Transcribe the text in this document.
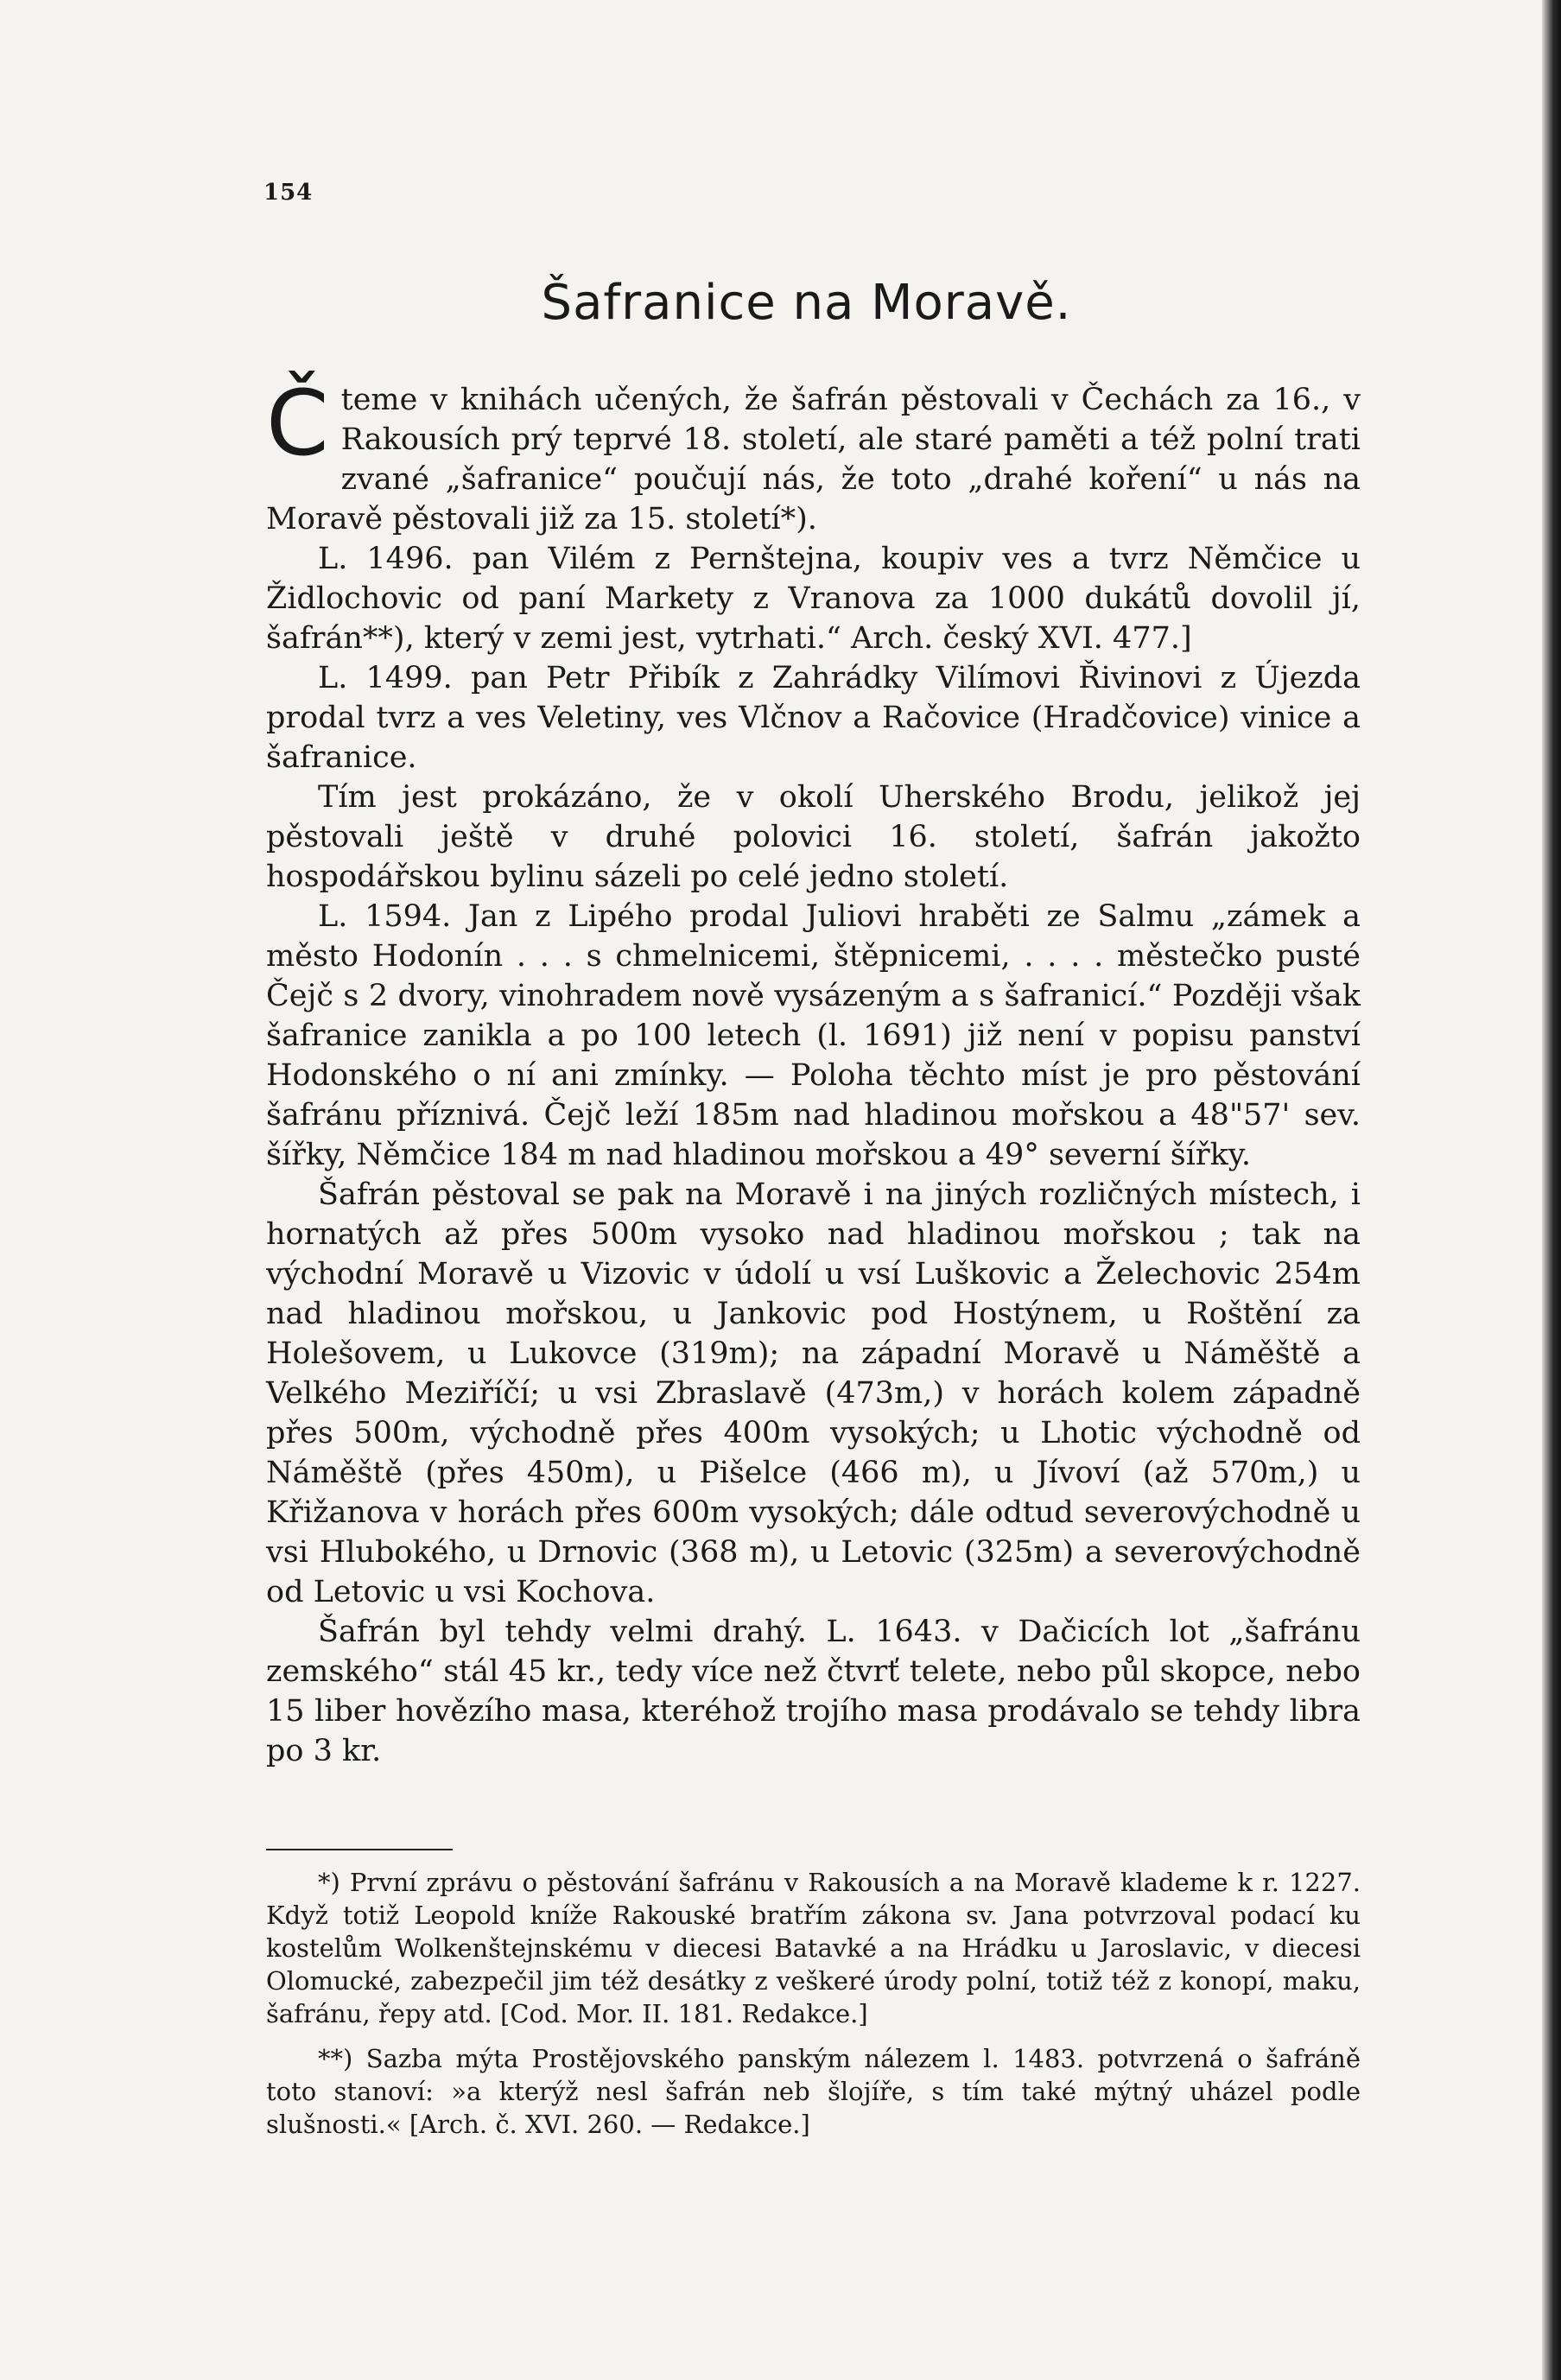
154
Šafranice na Moravě.

Čteme v knihách učených, že šafrán pěstovali v Čechách za 16., v Rakousích prý teprvé 18. století, ale staré paměti a též polní trati zvané „šafranice“ poučují nás, že toto „drahé koření“ u nás na Moravě pěstovali již za 15. století*).

L. 1496. pan Vilém z Pernštejna, koupiv ves a tvrz Němčice u Židlochovic od paní Markety z Vranova za 1000 dukátů dovolil jí, šafrán**), který v zemi jest, vytrhati.“ Arch. český XVI. 477.]

L. 1499. pan Petr Přibík z Zahrádky Vilímovi Řivinovi z Újezda prodal tvrz a ves Veletiny, ves Vlčnov a Račovice (Hradčovice) vinice a šafranice.

Tím jest prokázáno, že v okolí Uherského Brodu, jelikož jej pěstovali ještě v druhé polovici 16. století, šafrán jakožto hospodářskou bylinu sázeli po celé jedno století.

L. 1594. Jan z Lipého prodal Juliovi hraběti ze Salmu „zámek a město Hodonín . . . s chmelnicemi, štěpnicemi, . . . . městečko pusté Čejč s 2 dvory, vinohradem nově vysázeným a s šafranicí.“ Později však šafranice zanikla a po 100 letech (l. 1691) již není v popisu panství Hodonského o ní ani zmínky. — Poloha těchto míst je pro pěstování šafránu příznivá. Čejč leží 185m nad hladinou mořskou a 48"57' sev. šířky, Němčice 184 m nad hladinou mořskou a 49° severní šířky.

Šafrán pěstoval se pak na Moravě i na jiných rozličných místech, i hornatých až přes 500m vysoko nad hladinou mořskou ; tak na východní Moravě u Vizovic v údolí u vsí Luškovic a Želechovic 254m nad hladinou mořskou, u Jankovic pod Hostýnem, u Roštění za Holešovem, u Lukovce (319m); na západní Moravě u Náměště a Velkého Meziříčí; u vsi Zbraslavě (473m,) v horách kolem západně přes 500m, východně přes 400m vysokých; u Lhotic východně od Náměště (přes 450m), u Pišelce (466 m), u Jívoví (až 570m,) u Křižanova v horách přes 600m vysokých; dále odtud severovýchodně u vsi Hlubokého, u Drnovic (368 m), u Letovic (325m) a severovýchodně od Letovic u vsi Kochova.

Šafrán byl tehdy velmi drahý. L. 1643. v Dačicích lot „šafránu zemského“ stál 45 kr., tedy více než čtvrť telete, nebo půl skopce, nebo 15 liber hovězího masa, kteréhož trojího masa prodávalo se tehdy libra po 3 kr.

*) První zprávu o pěstování šafránu v Rakousích a na Moravě klademe k r. 1227. Když totiž Leopold kníže Rakouské bratřím zákona sv. Jana potvrzoval podací ku kostelům Wolkenštejnskému v diecesi Batavké a na Hrádku u Jaroslavic, v diecesi Olomucké, zabezpečil jim též desátky z veškeré úrody polní, totiž též z konopí, maku, šafránu, řepy atd. [Cod. Mor. II. 181. Redakce.]

**) Sazba mýta Prostějovského panským nálezem l. 1483. potvrzená o šafráně toto stanoví: »a kterýž nesl šafrán neb šlojíře, s tím také mýtný uházel podle slušnosti.« [Arch. č. XVI. 260. — Redakce.]
